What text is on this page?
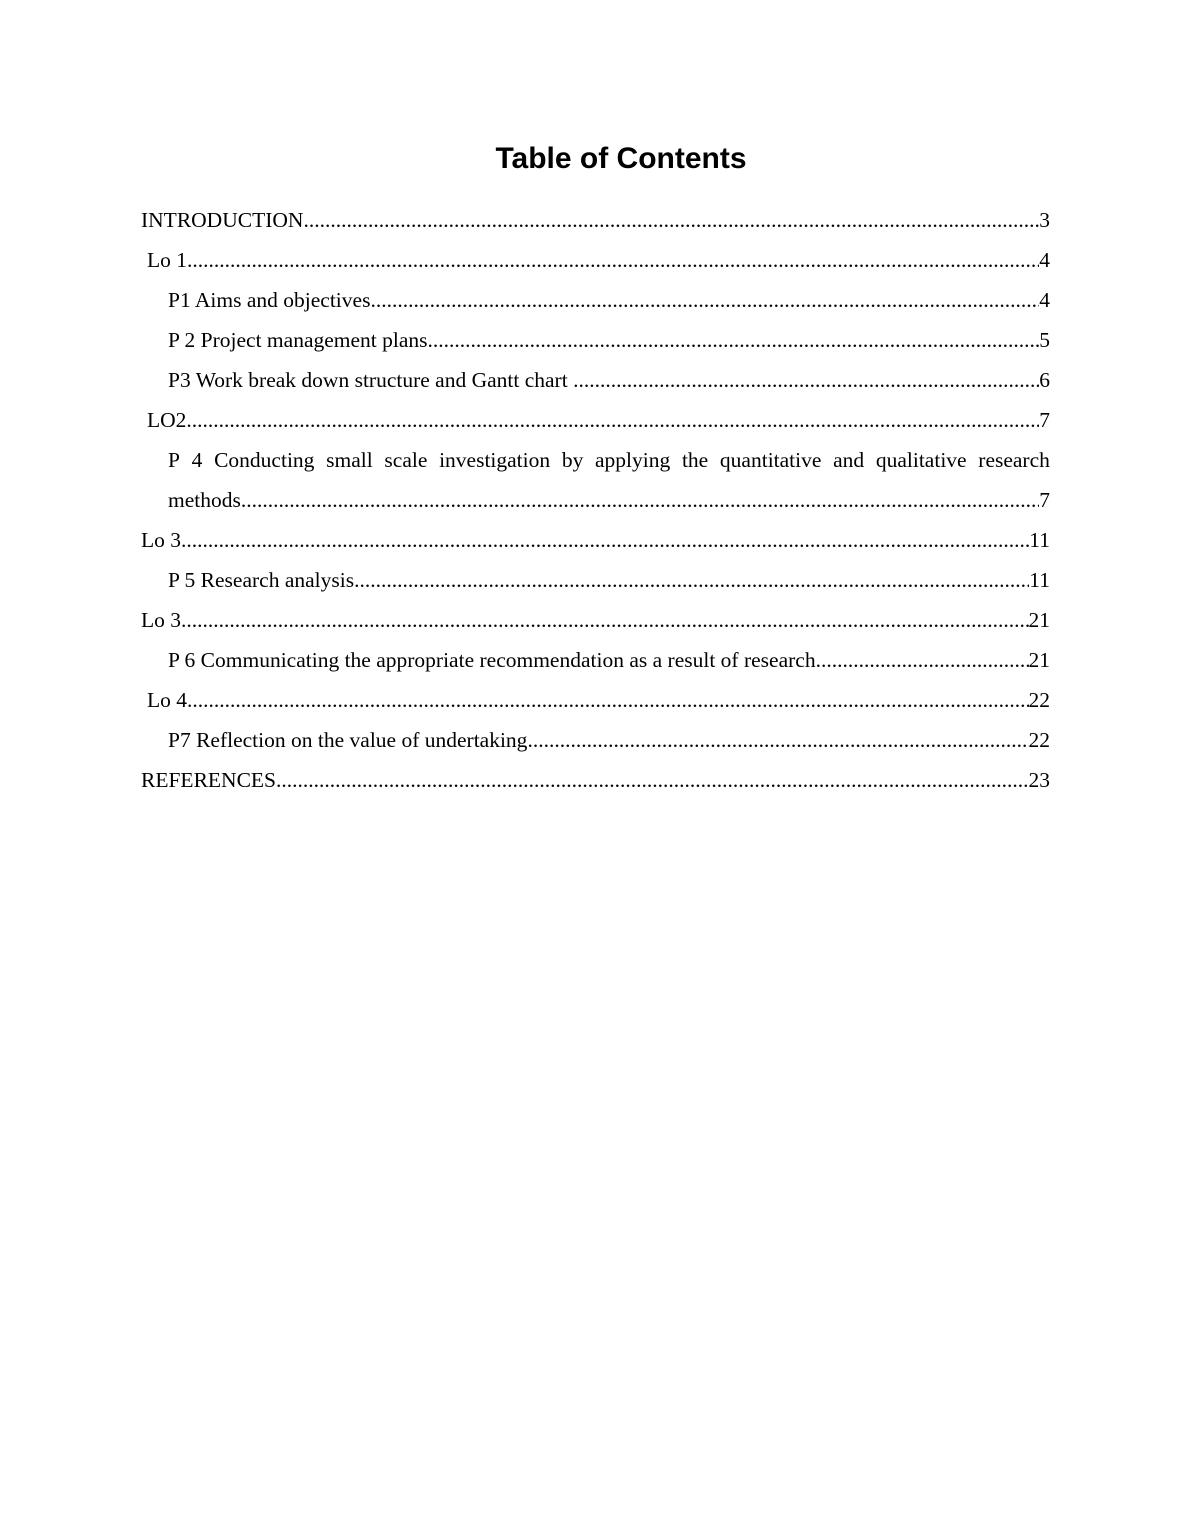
Table of Contents
INTRODUCTION .....	3
Lo 1 .....	4
P1 Aims and objectives .....	4
P 2 Project management plans .....	5
P3 Work break down structure and Gantt chart .....	6
LO2 .....	7
P 4 Conducting small scale investigation by applying the quantitative and qualitative research
methods .....	7
Lo 3 .....	11
P 5 Research analysis .....	11
Lo 3 .....	21
P 6 Communicating the appropriate recommendation as a result of research .....	21
Lo 4 .....	22
P7 Reflection on the value of undertaking .....	22
REFERENCES .....	23
